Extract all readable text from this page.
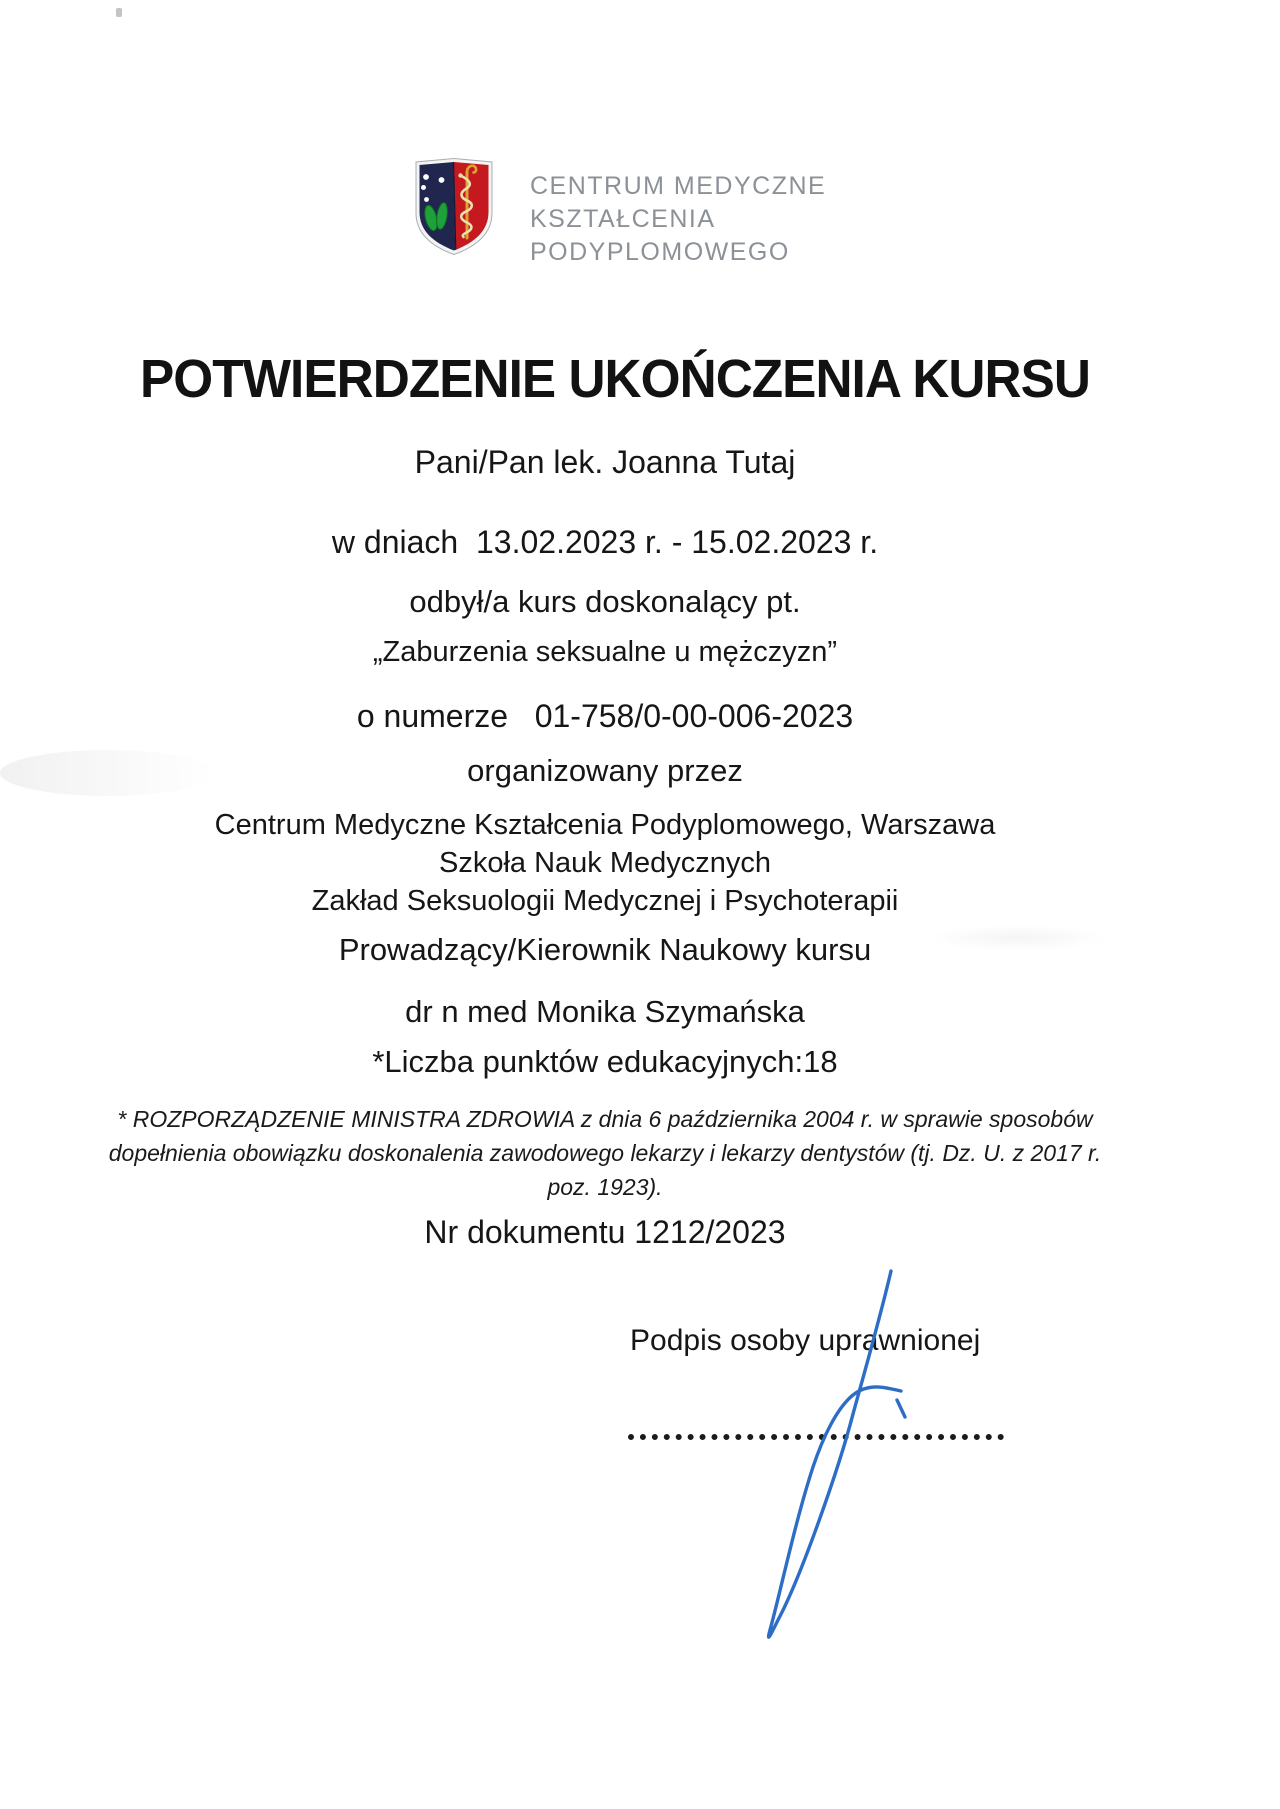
CENTRUM MEDYCZNE
KSZTAŁCENIA
PODYPLOMOWEGO
POTWIERDZENIE UKOŃCZENIA KURSU
Pani/Pan lek. Joanna Tutaj
w dniach  13.02.2023 r. - 15.02.2023 r.
odbył/a kurs doskonalący pt.
„Zaburzenia seksualne u mężczyzn”
o numerze   01-758/0-00-006-2023
organizowany przez
Centrum Medyczne Kształcenia Podyplomowego, Warszawa
Szkoła Nauk Medycznych
Zakład Seksuologii Medycznej i Psychoterapii
Prowadzący/Kierownik Naukowy kursu
dr n med Monika Szymańska
*Liczba punktów edukacyjnych:18
* ROZPORZĄDZENIE MINISTRA ZDROWIA z dnia 6 października 2004 r. w sprawie sposobów
dopełnienia obowiązku doskonalenia zawodowego lekarzy i lekarzy dentystów (tj. Dz. U. z 2017 r.
poz. 1923).
Nr dokumentu 1212/2023
Podpis osoby uprawnionej
